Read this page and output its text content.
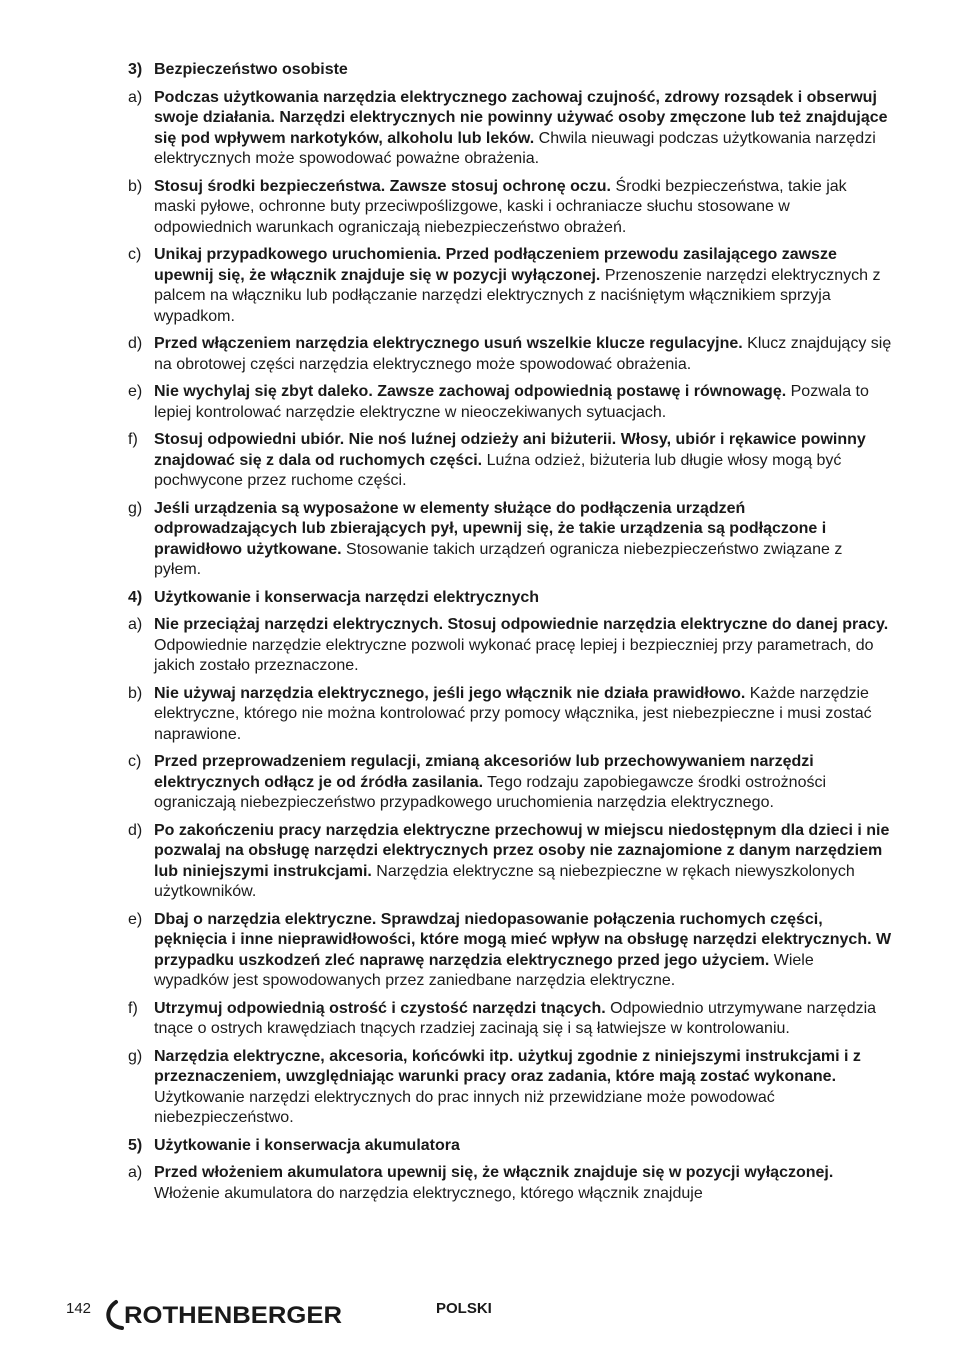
3) Bezpieczeństwo osobiste
a) Podczas użytkowania narzędzia elektrycznego zachowaj czujność, zdrowy rozsądek i obserwuj swoje działania. Narzędzi elektrycznych nie powinny używać osoby zmęczone lub też znajdujące się pod wpływem narkotyków, alkoholu lub leków. Chwila nieuwagi podczas użytkowania narzędzi elektrycznych może spowodować poważne obrażenia.
b) Stosuj środki bezpieczeństwa. Zawsze stosuj ochronę oczu. Środki bezpieczeństwa, takie jak maski pyłowe, ochronne buty przeciwpoślizgowe, kaski i ochraniacze słuchu stosowane w odpowiednich warunkach ograniczają niebezpieczeństwo obrażeń.
c) Unikaj przypadkowego uruchomienia. Przed podłączeniem przewodu zasilającego zawsze upewnij się, że włącznik znajduje się w pozycji wyłączonej. Przenoszenie narzędzi elektrycznych z palcem na włączniku lub podłączanie narzędzi elektrycznych z naciśniętym włącznikiem sprzyja wypadkom.
d) Przed włączeniem narzędzia elektrycznego usuń wszelkie klucze regulacyjne. Klucz znajdujący się na obrotowej części narzędzia elektrycznego może spowodować obrażenia.
e) Nie wychylaj się zbyt daleko. Zawsze zachowaj odpowiednią postawę i równowagę. Pozwala to lepiej kontrolować narzędzie elektryczne w nieoczekiwanych sytuacjach.
f)	Stosuj odpowiedni ubiór. Nie noś luźnej odzieży ani biżuterii. Włosy, ubiór i rękawice powinny znajdować się z dala od ruchomych części. Luźna odzież, biżuteria lub długie włosy mogą być pochwycone przez ruchome części.
g) Jeśli urządzenia są wyposażone w elementy służące do podłączenia urządzeń odprowadzających lub zbierających pył, upewnij się, że takie urządzenia są podłączone i prawidłowo użytkowane. Stosowanie takich urządzeń ogranicza niebezpieczeństwo związane z pyłem.
4) Użytkowanie i konserwacja narzędzi elektrycznych
a) Nie przeciążaj narzędzi elektrycznych. Stosuj odpowiednie narzędzia elektryczne do danej pracy. Odpowiednie narzędzie elektryczne pozwoli wykonać pracę lepiej i bezpieczniej przy parametrach, do jakich zostało przeznaczone.
b) Nie używaj narzędzia elektrycznego, jeśli jego włącznik nie działa prawidłowo. Każde narzędzie elektryczne, którego nie można kontrolować przy pomocy włącznika, jest niebezpieczne i musi zostać naprawione.
c) Przed przeprowadzeniem regulacji, zmianą akcesoriów lub przechowywaniem narzędzi elektrycznych odłącz je od źródła zasilania. Tego rodzaju zapobiegawcze środki ostrożności ograniczają niebezpieczeństwo przypadkowego uruchomienia narzędzia elektrycznego.
d) Po zakończeniu pracy narzędzia elektryczne przechowuj w miejscu niedostępnym dla dzieci i nie pozwalaj na obsługę narzędzi elektrycznych przez osoby nie zaznajomione z danym narzędziem lub niniejszymi instrukcjami. Narzędzia elektryczne są niebezpieczne w rękach niewyszkolonych użytkowników.
e) Dbaj o narzędzia elektryczne. Sprawdzaj niedopasowanie połączenia ruchomych części, pęknięcia i inne nieprawidłowości, które mogą mieć wpływ na obsługę narzędzi elektrycznych. W przypadku uszkodzeń zleć naprawę narzędzia elektrycznego przed jego użyciem. Wiele wypadków jest spowodowanych przez zaniedbane narzędzia elektryczne.
f)	Utrzymuj odpowiednią ostrość i czystość narzędzi tnących. Odpowiednio utrzymywane narzędzia tnące o ostrych krawędziach tnących rzadziej zacinają się i są łatwiejsze w kontrolowaniu.
g) Narzędzia elektryczne, akcesoria, końcówki itp. użytkuj zgodnie z niniejszymi instrukcjami i z przeznaczeniem, uwzględniając warunki pracy oraz zadania, które mają zostać wykonane. Użytkowanie narzędzi elektrycznych do prac innych niż przewidziane może powodować niebezpieczeństwo.
5) Użytkowanie i konserwacja akumulatora
a) Przed włożeniem akumulatora upewnij się, że włącznik znajduje się w pozycji wyłączonej. Włożenie akumulatora do narzędzia elektrycznego, którego włącznik znajduje
142 ROTHENBERGER	POLSKI
